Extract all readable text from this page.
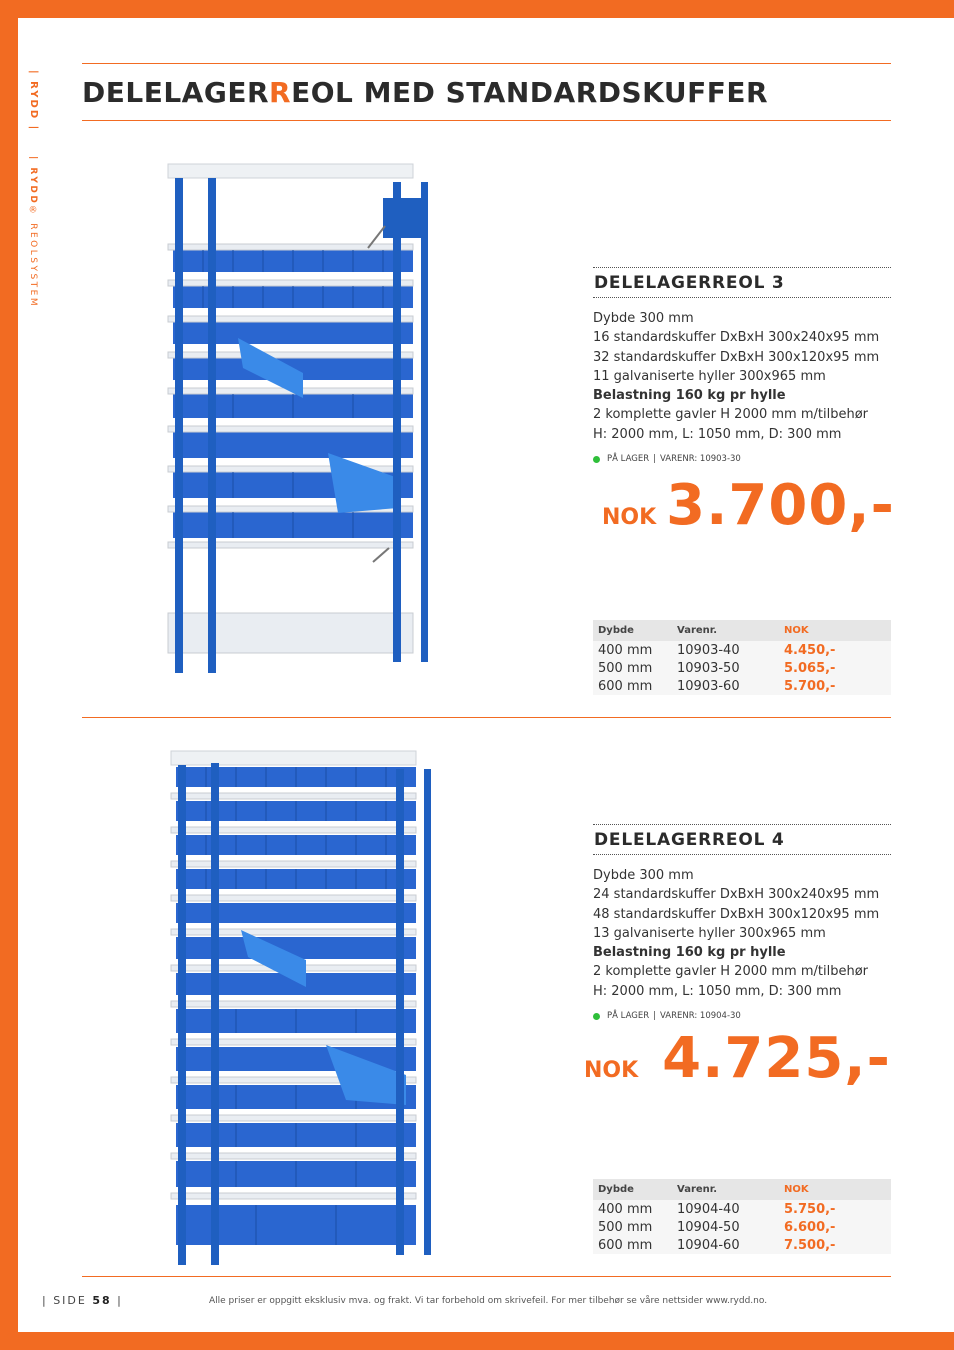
| RYDD |
| RYDD® REOLSYSTEM
DELELAGERREOL MED STANDARDSKUFFER
DELELAGERREOL 3
Dybde 300 mm
16 standardskuffer DxBxH 300x240x95 mm
32 standardskuffer DxBxH 300x120x95 mm
11 galvaniserte hyller 300x965 mm
Belastning 160 kg pr hylle
2 komplette gavler H 2000 mm m/tilbehør
H: 2000 mm, L: 1050 mm, D: 300 mm
PÅ LAGER | VARENR: 10903-30
NOK 3.700,-
Dybde	Varenr.	NOK
400 mm	10903-40	4.450,-
500 mm	10903-50	5.065,-
600 mm	10903-60	5.700,-
DELELAGERREOL 4
Dybde 300 mm
24 standardskuffer DxBxH 300x240x95 mm
48 standardskuffer DxBxH 300x120x95 mm
13 galvaniserte hyller 300x965 mm
Belastning 160 kg pr hylle
2 komplette gavler H 2000 mm m/tilbehør
H: 2000 mm, L: 1050 mm, D: 300 mm
PÅ LAGER | VARENR: 10904-30
NOK 4.725,-
Dybde	Varenr.	NOK
400 mm	10904-40	5.750,-
500 mm	10904-50	6.600,-
600 mm	10904-60	7.500,-
| SIDE 58 |	Alle priser er oppgitt eksklusiv mva. og frakt. Vi tar forbehold om skrivefeil. For mer tilbehør se våre nettsider www.rydd.no.
